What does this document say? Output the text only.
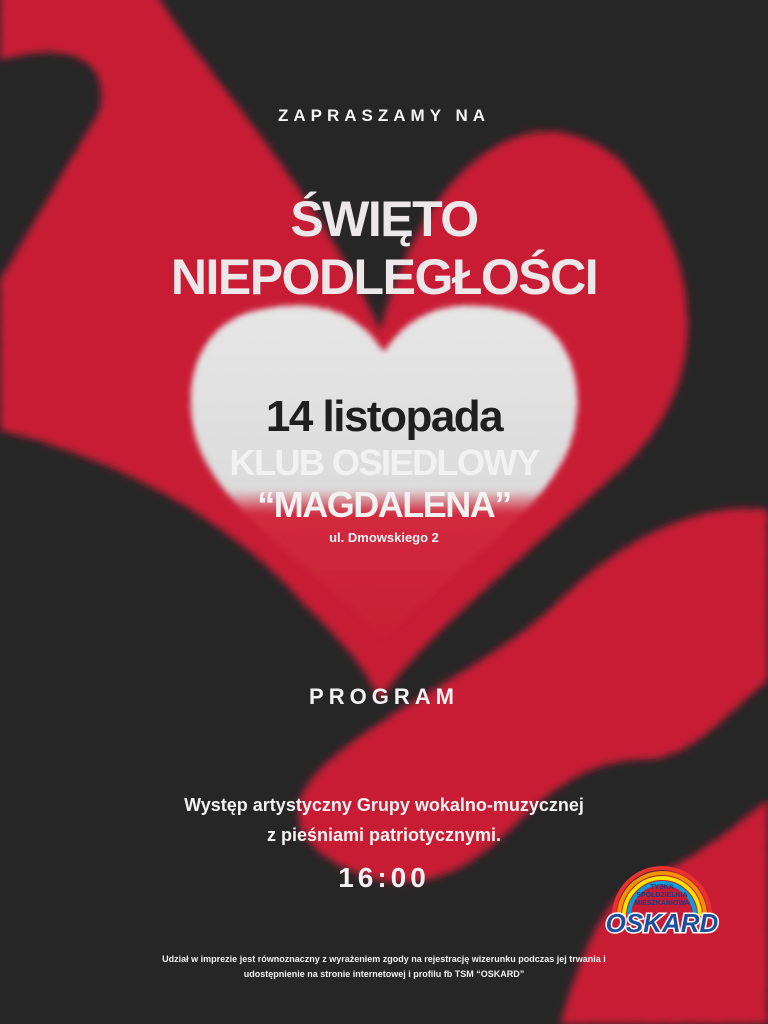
ZAPRASZAMY NA

ŚWIĘTO
NIEPODLEGŁOŚCI

14 listopada

KLUB OSIEDLOWY
“MAGDALENA”

ul. Dmowskiego 2

PROGRAM

Występ artystyczny Grupy wokalno-muzycznej
z pieśniami patriotycznymi.

16:00	TYSKA
SPÓŁDZIELNIA
MIESZKANIOWA
OSKARD
Udział w imprezie jest równoznaczny z wyrażeniem zgody na rejestrację wizerunku podczas jej trwania i
udostępnienie na stronie internetowej i profilu fb TSM “OSKARD”
